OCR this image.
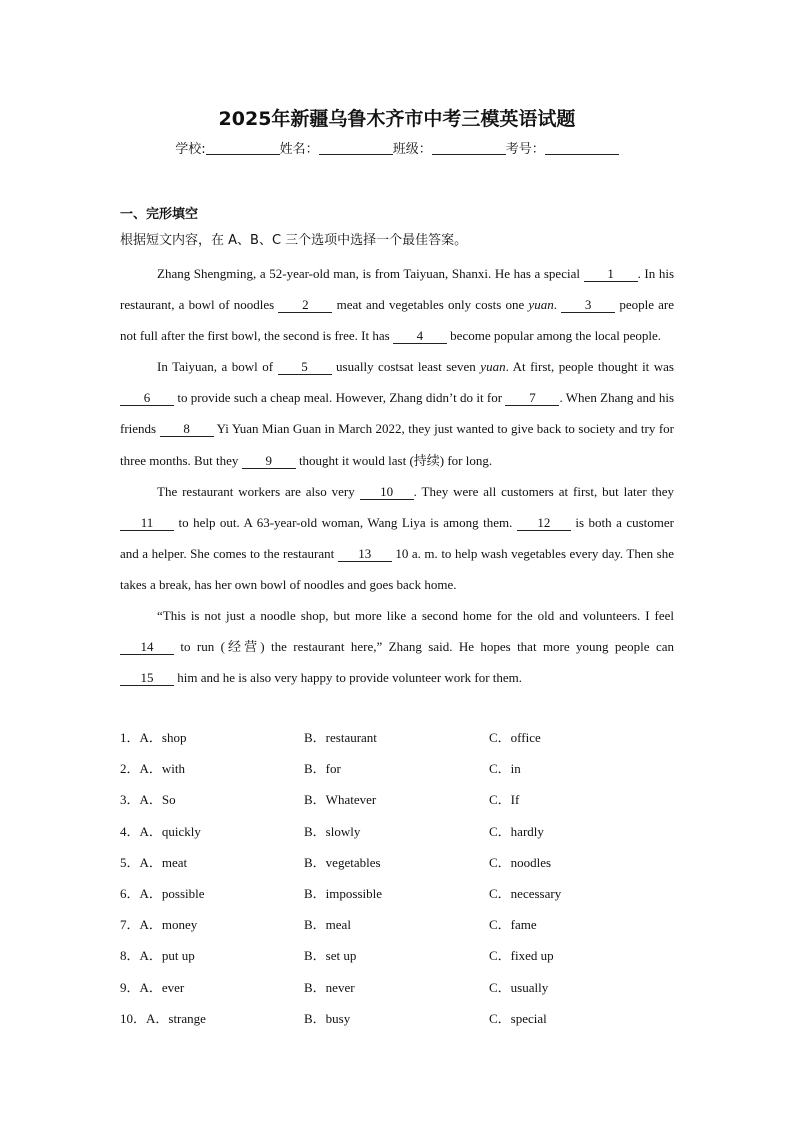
2025年新疆乌鲁木齐市中考三模英语试题
学校:	姓名：	班级：	考号：
一、完形填空
根据短文内容，在 A、B、C 三个选项中选择一个最佳答案。

Zhang Shengming, a 52-year-old man, is from Taiyuan, Shanxi. He has a special 1 . In his restaurant, a bowl of noodles 2 meat and vegetables only costs one yuan. 3 people are not full after the first bowl, the second is free. It has 4 become popular among the local people.

In Taiyuan, a bowl of 5 usually costsat least seven yuan. At first, people thought it was 6 to provide such a cheap meal. However, Zhang didn’t do it for 7 . When Zhang and his friends 8 Yi Yuan Mian Guan in March 2022, they just wanted to give back to society and try for three months. But they 9 thought it would last (持续) for long.

The restaurant workers are also very 10 . They were all customers at first, but later they 11 to help out. A 63-year-old woman, Wang Liya is among them. 12 is both a customer and a helper. She comes to the restaurant 13 10 a. m. to help wash vegetables every day. Then she takes a break, has her own bowl of noodles and goes back home.

“This is not just a noodle shop, but more like a second home for the old and volunteers. I feel 14 to run (经营) the restaurant here,” Zhang said. He hopes that more young people can 15 him and he is also very happy to provide volunteer work for them.

1．A．shop	B．restaurant	C．office
2．A．with	B．for	C．in
3．A．So	B．Whatever	C．If
4．A．quickly	B．slowly	C．hardly
5．A．meat	B．vegetables	C．noodles
6．A．possible	B．impossible	C．necessary
7．A．money	B．meal	C．fame
8．A．put up	B．set up	C．fixed up
9．A．ever	B．never	C．usually
10．A．strange	B．busy	C．special
